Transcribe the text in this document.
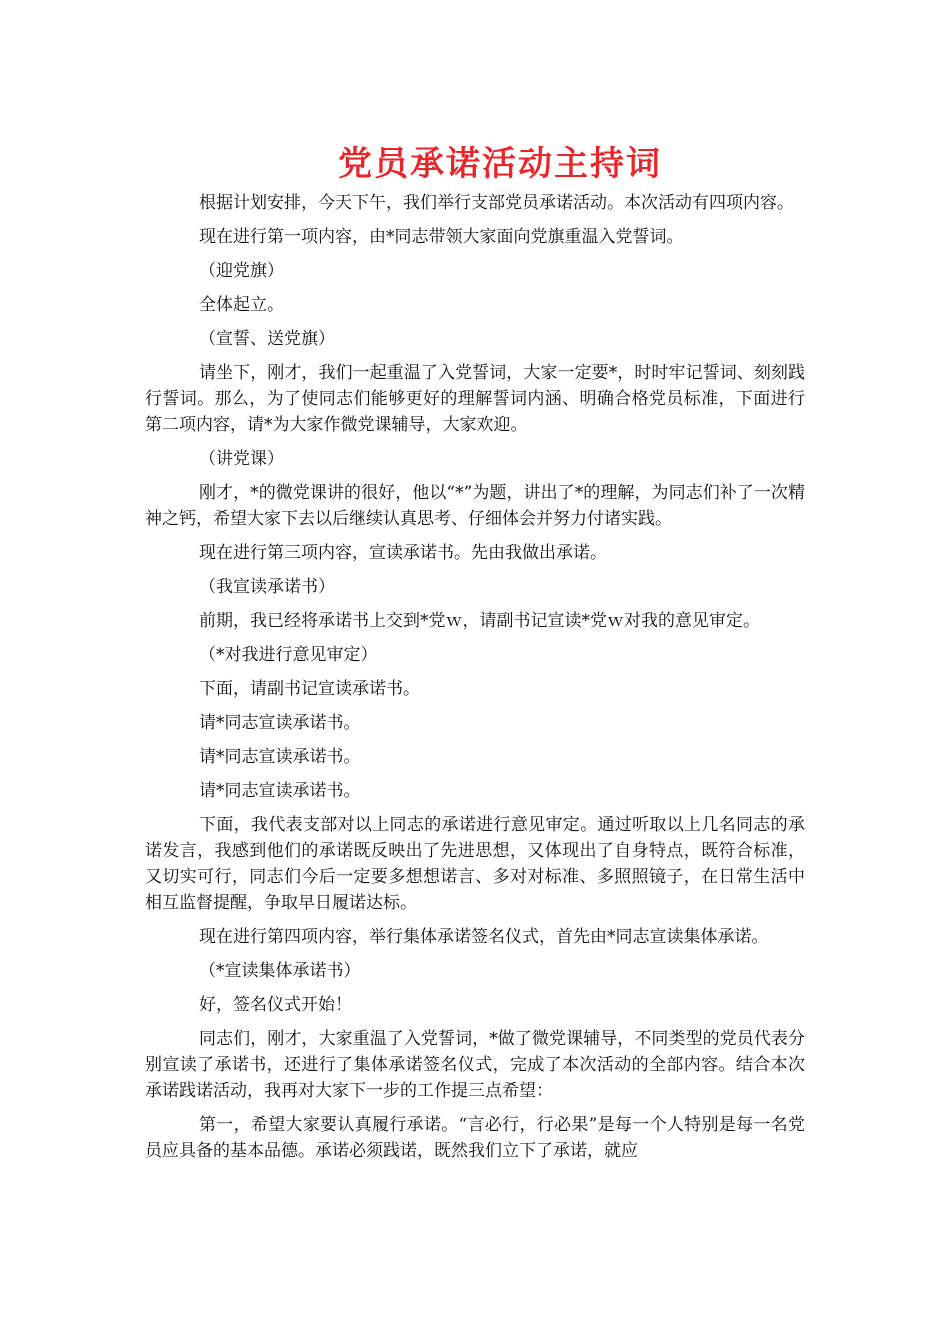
党员承诺活动主持词

根据计划安排，今天下午，我们举行支部党员承诺活动。本次活动有四项内容。

现在进行第一项内容，由*同志带领大家面向党旗重温入党誓词。

（迎党旗）

全体起立。

（宣誓、送党旗）

请坐下，刚才，我们一起重温了入党誓词，大家一定要*，时时牢记誓词、刻刻践行誓词。那么，为了使同志们能够更好的理解誓词内涵、明确合格党员标准，下面进行第二项内容，请*为大家作微党课辅导，大家欢迎。

（讲党课）

刚才，*的微党课讲的很好，他以“*”为题，讲出了*的理解，为同志们补了一次精神之钙，希望大家下去以后继续认真思考、仔细体会并努力付诸实践。

现在进行第三项内容，宣读承诺书。先由我做出承诺。

（我宣读承诺书）

前期，我已经将承诺书上交到*党ｗ，请副书记宣读*党ｗ对我的意见审定。

（*对我进行意见审定）

下面，请副书记宣读承诺书。

请*同志宣读承诺书。

请*同志宣读承诺书。

请*同志宣读承诺书。

下面，我代表支部对以上同志的承诺进行意见审定。通过听取以上几名同志的承诺发言，我感到他们的承诺既反映出了先进思想，又体现出了自身特点，既符合标准，又切实可行，同志们今后一定要多想想诺言、多对对标准、多照照镜子，在日常生活中相互监督提醒，争取早日履诺达标。

现在进行第四项内容，举行集体承诺签名仪式，首先由*同志宣读集体承诺。

（*宣读集体承诺书）

好，签名仪式开始！

同志们，刚才，大家重温了入党誓词，*做了微党课辅导，不同类型的党员代表分别宣读了承诺书，还进行了集体承诺签名仪式，完成了本次活动的全部内容。结合本次承诺践诺活动，我再对大家下一步的工作提三点希望：

第一，希望大家要认真履行承诺。“言必行，行必果”是每一个人特别是每一名党员应具备的基本品德。承诺必须践诺，既然我们立下了承诺，就应
